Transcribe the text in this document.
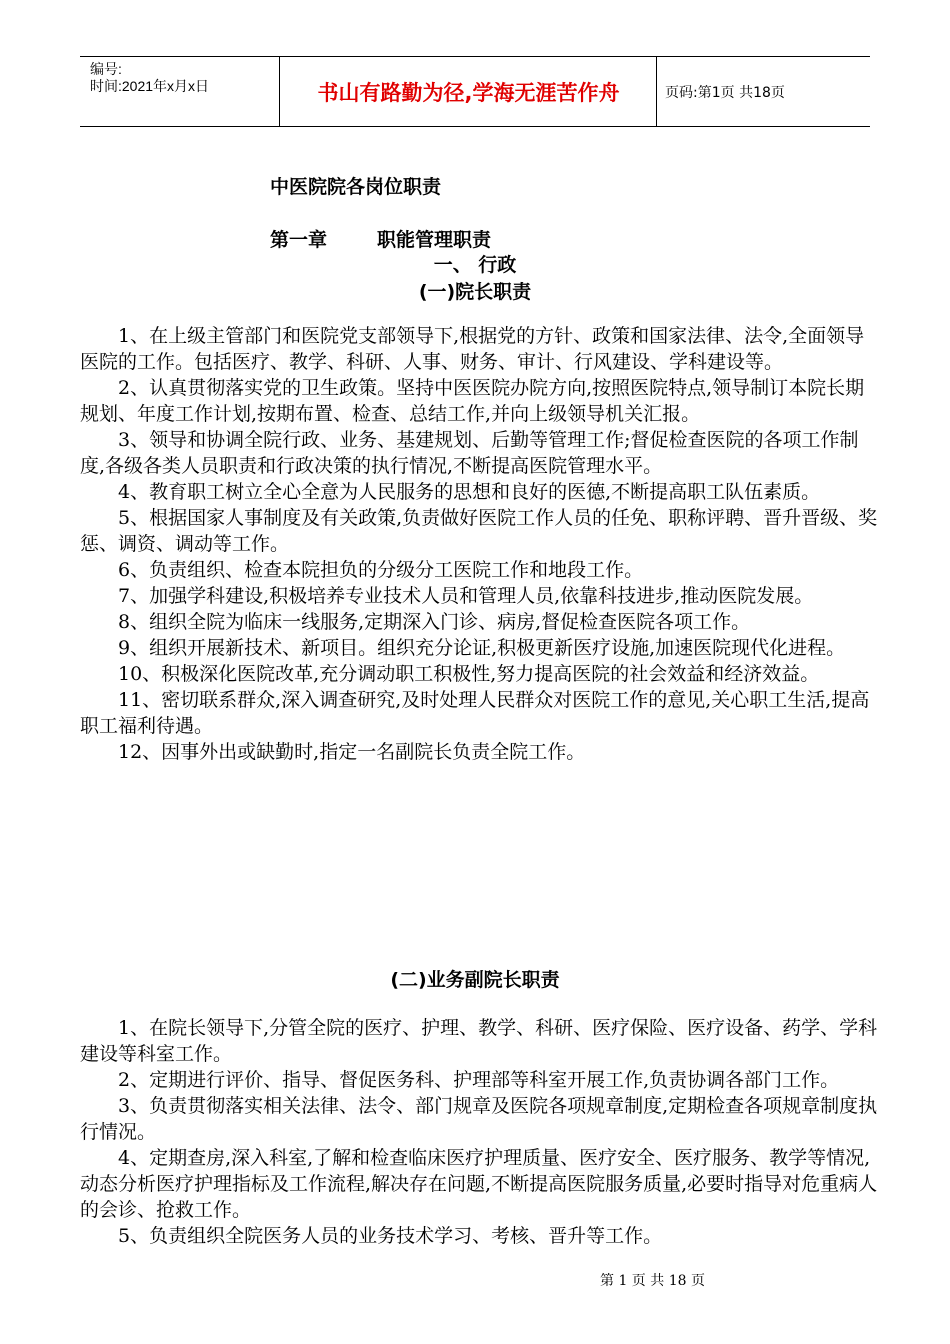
编号:
时间:2021年x月x日	书山有路勤为径,学海无涯苦作舟	页码:第1页 共18页
中医院院各岗位职责
第一章	职能管理职责
一、 行政
(一)院长职责

1、在上级主管部门和医院党支部领导下,根据党的方针、政策和国家法律、法令,全面领导医院的工作。包括医疗、教学、科研、人事、财务、审计、行风建设、学科建设等。

2、认真贯彻落实党的卫生政策。坚持中医医院办院方向,按照医院特点,领导制订本院长期规划、年度工作计划,按期布置、检查、总结工作,并向上级领导机关汇报。

3、领导和协调全院行政、业务、基建规划、后勤等管理工作;督促检查医院的各项工作制度,各级各类人员职责和行政决策的执行情况,不断提高医院管理水平。

4、教育职工树立全心全意为人民服务的思想和良好的医德,不断提高职工队伍素质。

5、根据国家人事制度及有关政策,负责做好医院工作人员的任免、职称评聘、晋升晋级、奖惩、调资、调动等工作。

6、负责组织、检查本院担负的分级分工医院工作和地段工作。

7、加强学科建设,积极培养专业技术人员和管理人员,依靠科技进步,推动医院发展。

8、组织全院为临床一线服务,定期深入门诊、病房,督促检查医院各项工作。

9、组织开展新技术、新项目。组织充分论证,积极更新医疗设施,加速医院现代化进程。

10、积极深化医院改革,充分调动职工积极性,努力提高医院的社会效益和经济效益。

11、密切联系群众,深入调查研究,及时处理人民群众对医院工作的意见,关心职工生活,提高职工福利待遇。

12、因事外出或缺勤时,指定一名副院长负责全院工作。

(二)业务副院长职责

1、在院长领导下,分管全院的医疗、护理、教学、科研、医疗保险、医疗设备、药学、学科建设等科室工作。

2、定期进行评价、指导、督促医务科、护理部等科室开展工作,负责协调各部门工作。

3、负责贯彻落实相关法律、法令、部门规章及医院各项规章制度,定期检查各项规章制度执行情况。

4、定期查房,深入科室,了解和检查临床医疗护理质量、医疗安全、医疗服务、教学等情况,动态分析医疗护理指标及工作流程,解决存在问题,不断提高医院服务质量,必要时指导对危重病人的会诊、抢救工作。

5、负责组织全院医务人员的业务技术学习、考核、晋升等工作。

第 1 页 共 18 页
